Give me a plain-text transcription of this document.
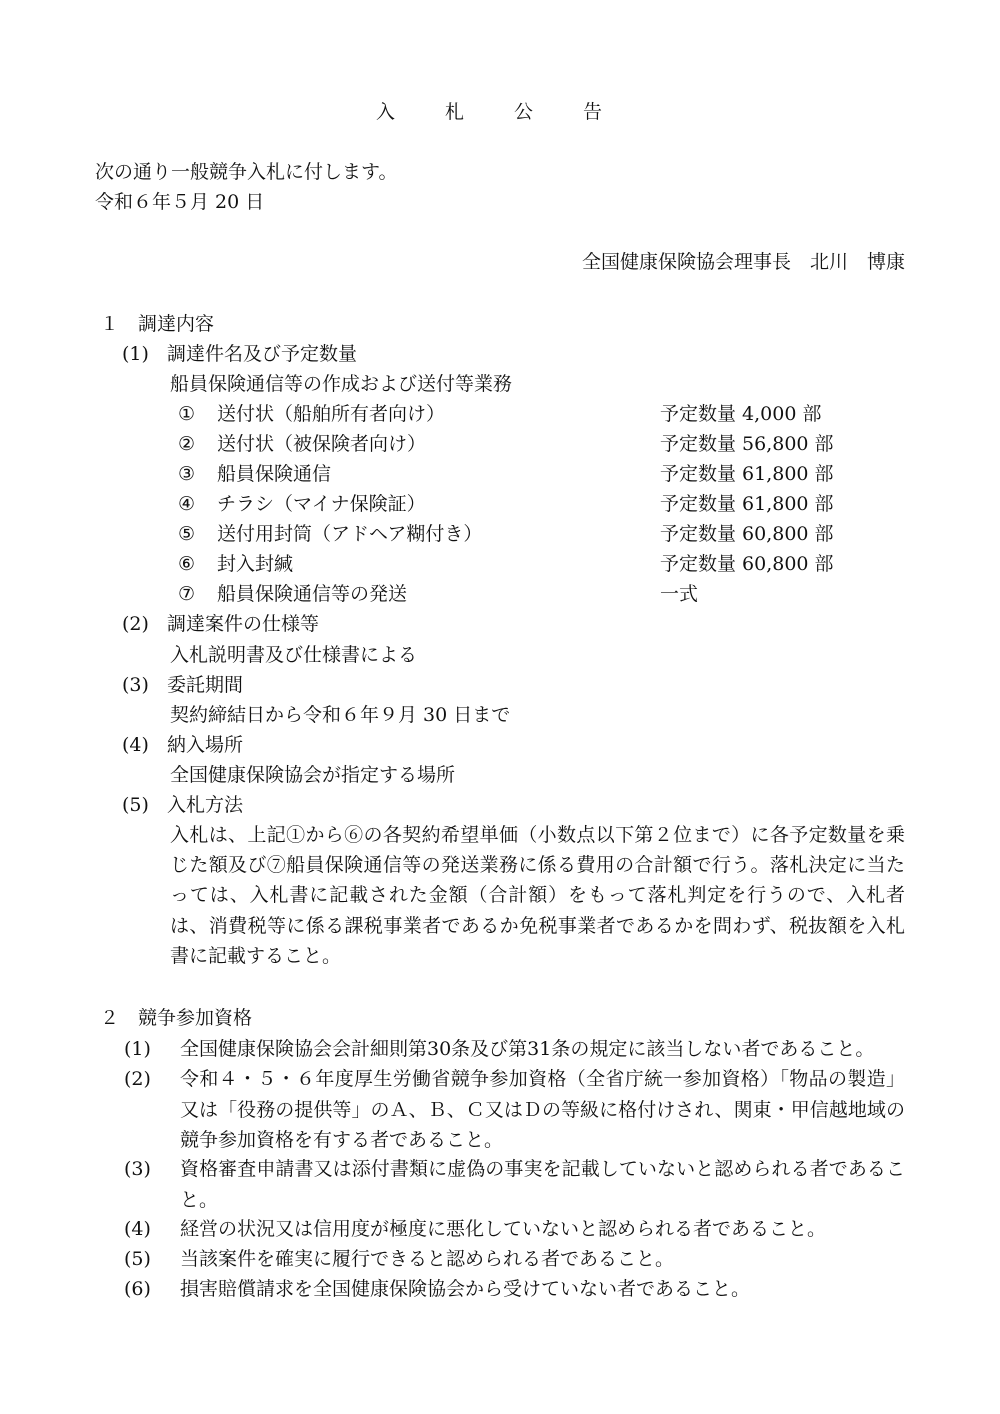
入 札 公 告
次の通り一般競争入札に付します。
令和６年５月 20 日
全国健康保険協会理事長　北川　博康
１　調達内容
(1) 調達件名及び予定数量
船員保険通信等の作成および送付等業務
① 送付状（船舶所有者向け）	予定数量 4,000 部
② 送付状（被保険者向け）	予定数量 56,800 部
③ 船員保険通信	予定数量 61,800 部
④ チラシ（マイナ保険証）	予定数量 61,800 部
⑤ 送付用封筒（アドヘア糊付き）	予定数量 60,800 部
⑥ 封入封緘	予定数量 60,800 部
⑦ 船員保険通信等の発送	一式
(2) 調達案件の仕様等
入札説明書及び仕様書による
(3) 委託期間
契約締結日から令和６年９月 30 日まで
(4) 納入場所
全国健康保険協会が指定する場所
(5) 入札方法
入札は、上記①から⑥の各契約希望単価（小数点以下第２位まで）に各予定数量を乗じた額及び⑦船員保険通信等の発送業務に係る費用の合計額で行う。落札決定に当たっては、入札書に記載された金額（合計額）をもって落札判定を行うので、入札者は、消費税等に係る課税事業者であるか免税事業者であるかを問わず、税抜額を入札書に記載すること。
２　競争参加資格
(1) 全国健康保険協会会計細則第30条及び第31条の規定に該当しない者であること。
(2) 令和４・５・６年度厚生労働省競争参加資格（全省庁統一参加資格）「物品の製造」又は「役務の提供等」のＡ、Ｂ、Ｃ又はＤの等級に格付けされ、関東・甲信越地域の競争参加資格を有する者であること。
(3) 資格審査申請書又は添付書類に虚偽の事実を記載していないと認められる者であること。
(4) 経営の状況又は信用度が極度に悪化していないと認められる者であること。
(5) 当該案件を確実に履行できると認められる者であること。
(6) 損害賠償請求を全国健康保険協会から受けていない者であること。
